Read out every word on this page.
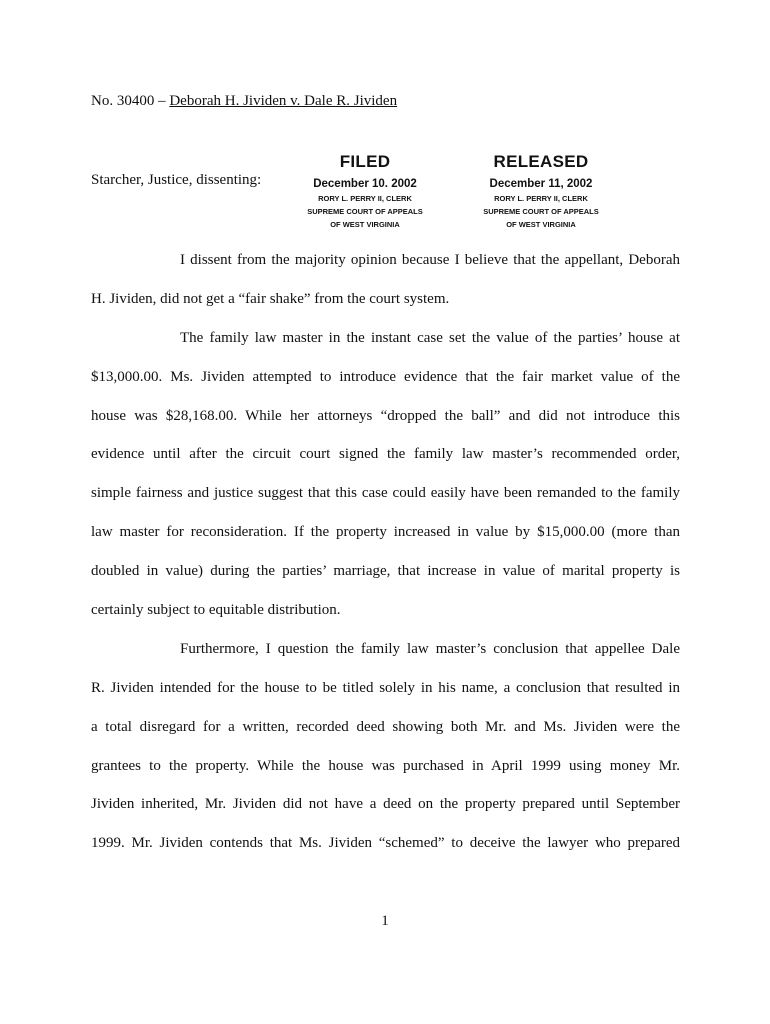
No. 30400 – Deborah H. Jividen v. Dale R. Jividen
Starcher, Justice, dissenting:
FILED
December 10. 2002
RORY L. PERRY II, CLERK
SUPREME COURT OF APPEALS
OF WEST VIRGINIA
RELEASED
December 11, 2002
RORY L. PERRY II, CLERK
SUPREME COURT OF APPEALS
OF WEST VIRGINIA
I dissent from the majority opinion because I believe that the appellant, Deborah
H. Jividen, did not get a “fair shake” from the court system.
The family law master in the instant case set the value of the parties’ house at
$13,000.00. Ms. Jividen attempted to introduce evidence that the fair market value of the
house was $28,168.00. While her attorneys “dropped the ball” and did not introduce this
evidence until after the circuit court signed the family law master’s recommended order,
simple fairness and justice suggest that this case could easily have been remanded to the family
law master for reconsideration. If the property increased in value by $15,000.00 (more than
doubled in value) during the parties’ marriage, that increase in value of marital property is
certainly subject to equitable distribution.
Furthermore, I question the family law master’s conclusion that appellee Dale
R. Jividen intended for the house to be titled solely in his name, a conclusion that resulted in
a total disregard for a written, recorded deed showing both Mr. and Ms. Jividen were the
grantees to the property. While the house was purchased in April 1999 using money Mr.
Jividen inherited, Mr. Jividen did not have a deed on the property prepared until September
1999. Mr. Jividen contends that Ms. Jividen “schemed” to deceive the lawyer who prepared
1
